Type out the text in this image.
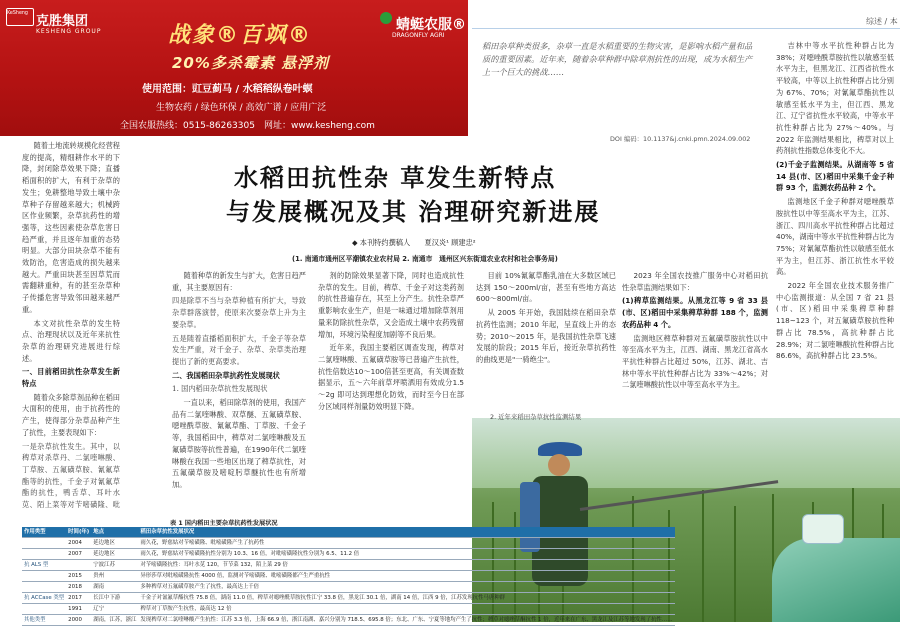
克胜集团
KESHENG GROUP
KeSheng
战象®百飒®
20%多杀霉素 悬浮剂
蜻蜓农服®
DRAGONFLY AGRI
使用范围：豇豆蓟马 / 水稻稻纵卷叶螟
生物农药 / 绿色环保 / 高效广谱 / 应用广泛
全国农服热线：0515-86263305　网址：www.kesheng.com
综述 / 本
稻田杂草种类很多，杂草一直是水稻重要的生物灾害，是影响水稻产量和品质的重要因素。近年来，随着杂草种群中除草剂抗性的出现，成为水稻生产上一个巨大的挑战……
DOI 编码：10.1137&j.cnki.pmn.2024.09.002
水稻田抗性杂 草发生新特点
与发展概况及其 治理研究新进展
◆ 本刊特约撰稿人　　夏汉炎¹ 顾建忠²
(1. 南通市通州区平潮镇农业农村局 2. 南通市　通州区兴东街道农业农村和社会事务局)

随着土地流转规模化经营程度的提高，精细耕作水平的下降，封闭除草效果下降；直播稻面积的扩大，有利于杂草的发生；免耕整地导致土壤中杂草种子存留越来越大；机械跨区作业频繁，杂草抗药性的增强等，这些因素使杂草危害日趋严重，并且逐年加重的态势明显。大部分田块杂草不能有效防治，危害造成的损失越来越大。严重田块甚至因草荒而需翻耕重种，有的甚至杂草种子传播危害导致邻田越来越严重。

本文对抗性杂草的发生特点、治理现状以及近年来抗性杂草的治理研究进展进行综述。

一、目前稻田抗性杂草发生新特点

随着众多除草剂品种在稻田大面积的使用，由于抗药性的产生，使得部分杂草品种产生了抗性，主要表现如下：

一是杂草抗性发生。其中，以稗草对杀草丹、二氯喹啉酸、丁草胺、五氟磺草胺、氰氟草酯等的抗性，千金子对氰氟草酯的抗性，鸭舌草、耳叶水苋、陌上菜等对苄嘧磺隆、吡

随着种草的新发生与扩大，危害日趋严重，其主要原因有：

四是除草不当与杂草种植有所扩大，导致杂草群落演替，使原来次要杂草上升为主要杂草。

五是随着直播稻面积扩大，千金子等杂草发生严重，对千金子、杂草、杂草类治理提出了新的更高要求。

二、我国稻田杂草抗药性发展现状

1. 国内稻田杂草抗性发展现状

一直以来，稻田除草剂的使用，我国产品有二氯喹啉酸、双草醚、五氟磺草胺、噁唑酰草胺、氰氟草酯、丁草胺、千金子等，我国稻田中，稗草对二氯喹啉酸及五氟磺草胺等抗性普遍，在1990年代二氯喹啉酸在我国一些地区出现了稗草抗性，对五氟磺草胺及嘧啶肟草醚抗性也有所增加。

剂的防除效果显著下降，同时也造成抗性杂草的发生。目前，稗草、千金子对这类药剂的抗性普遍存在，其至上分产生。抗性杂草严重影响农业生产，但是一味通过增加除草剂用量来防除抗性杂草，又会造成土壤中农药残留增加，环境污染程度加剧等不良后果。

近年来，我国主要稻区调查发现，稗草对二氯喹啉酸、五氟磺草胺等已普遍产生抗性，抗性倍数达10～100倍甚至更高，有关调查数据显示，五～六年前草坪喷洒用有效成分1.5～2g 即可达到理想化防效，而时至今日在部分区域同样剂量防效明显下降。

目前 10%氰氟草酯乳油在大多数区域已达到 150～200ml/亩，甚至有些地方高达 600～800ml/亩。

从 2005 年开始，我国陆续在稻田杂草抗药性监测；2010 年起，呈直线上升的态势；2010～2015 年，是我国抗性杂草飞速发展的阶段；2015 年后，接近杂草抗药性的曲线更是"一骑绝尘"。

2023 年全国农技推广服务中心对稻田抗性杂草监测结果如下：

(1)稗草监测结果。从黑龙江等 9 省 33 县(市、区)稻田中采集稗草种群 188 个，监测农药品种 4 个。

监测地区稗草种群对五氟磺草胺抗性以中等至高水平为主，江西、湖南、黑龙江省高水平抗性种群占比超过 50%，江苏、湖北、吉林中等水平抗性种群占比为 33%～42%；对二氯喹啉酸抗性以中等至高水平为主。

吉林中等水平抗性种群占比为 38%；对噁唑酰草胺抗性以敏感至低水平为主，但黑龙江、江西省抗性水平较高，中等以上抗性种群占比分别为 67%、70%；对氰氟草酯抗性以敏感至低水平为主，但江西、黑龙江、辽宁省抗性水平较高，中等水平抗性种群占比为 27%～40%。与 2022 年监测结果相比，稗草对以上药剂抗性指数总体变化不大。

(2)千金子监测结果。从湖南等 5 省 14 县(市、区)稻田中采集千金子种群 93 个，监测农药品种 2 个。

监测地区千金子种群对噁唑酰草胺抗性以中等至高水平为主，江苏、浙江、四川高水平抗性种群占比超过 40%，湖南中等水平抗性种群占比为 75%；对氰氟草酯抗性以敏感至低水平为主，但江苏、浙江抗性水平较高。

2022 年全国农业技术服务推广中心监测报道：从全国 7 省 21 县(市、区)稻田中采集稗草种群 118~123 个，对五氟磺草胺抗性种群占比 78.5%，高抗种群占比 28.9%；对二氯喹啉酸抗性种群占比 86.6%，高抗种群占比 23.5%。

2. 近年来稻田杂草抗性监测结果
表 1 国内稻田主要杂草抗药性发展状况
作用类型	时间(年)	地点	稻田杂草抗性发展状况
	2004	延边地区	雨久花，野慈姑对苄嘧磺隆、吡嘧磺隆产生了抗药性
	2007	延边地区	雨久花，野慈姑对苄嘧磺隆抗性分别为 10.3、16 倍，对吡嘧磺隆抗性分别为 6.5、11.2 倍
抗 ALS 型		宁波江苏	对苄嘧磺隆抗性：耳叶水苋 120，节节菜 132，陌上菜 29 倍
	2015	贵州	异形莎草对吡嘧磺隆抗性 4000 倍，监测对苄嘧磺隆、吡嘧磺隆都产生严重抗性
	2018	湖南	多种稗草对五氟磺草胺产生了抗性，最高达上千倍
抗 ACCase 类型	2017	长江中下游	千金子对氰氟草酯抗性 75.8 倍，湖南 11.0 倍，稗草对噁唑酰草胺抗性江宁 33.8 倍，黑龙江 30.1 倍，湖南 14 倍，江西 9 倍，江苏发现抗性马唐种群
	1991	辽宁	稗草对丁草胺产生抗性，最高达 12 倍
其他类型	2000	湖南，江苏，浙江	发现稗草对二氯喹啉酸产生抗性：江苏 3.3 倍，上海 66.9 倍，浙江南湖、嘉兴分别为 718.5、695.8 倍；东北、广东、宁夏等地均产生了抗性；稗草对噁唑草酮抗性 1 倍，近年来在广东、黑龙江及江苏等地发现了抗性……
